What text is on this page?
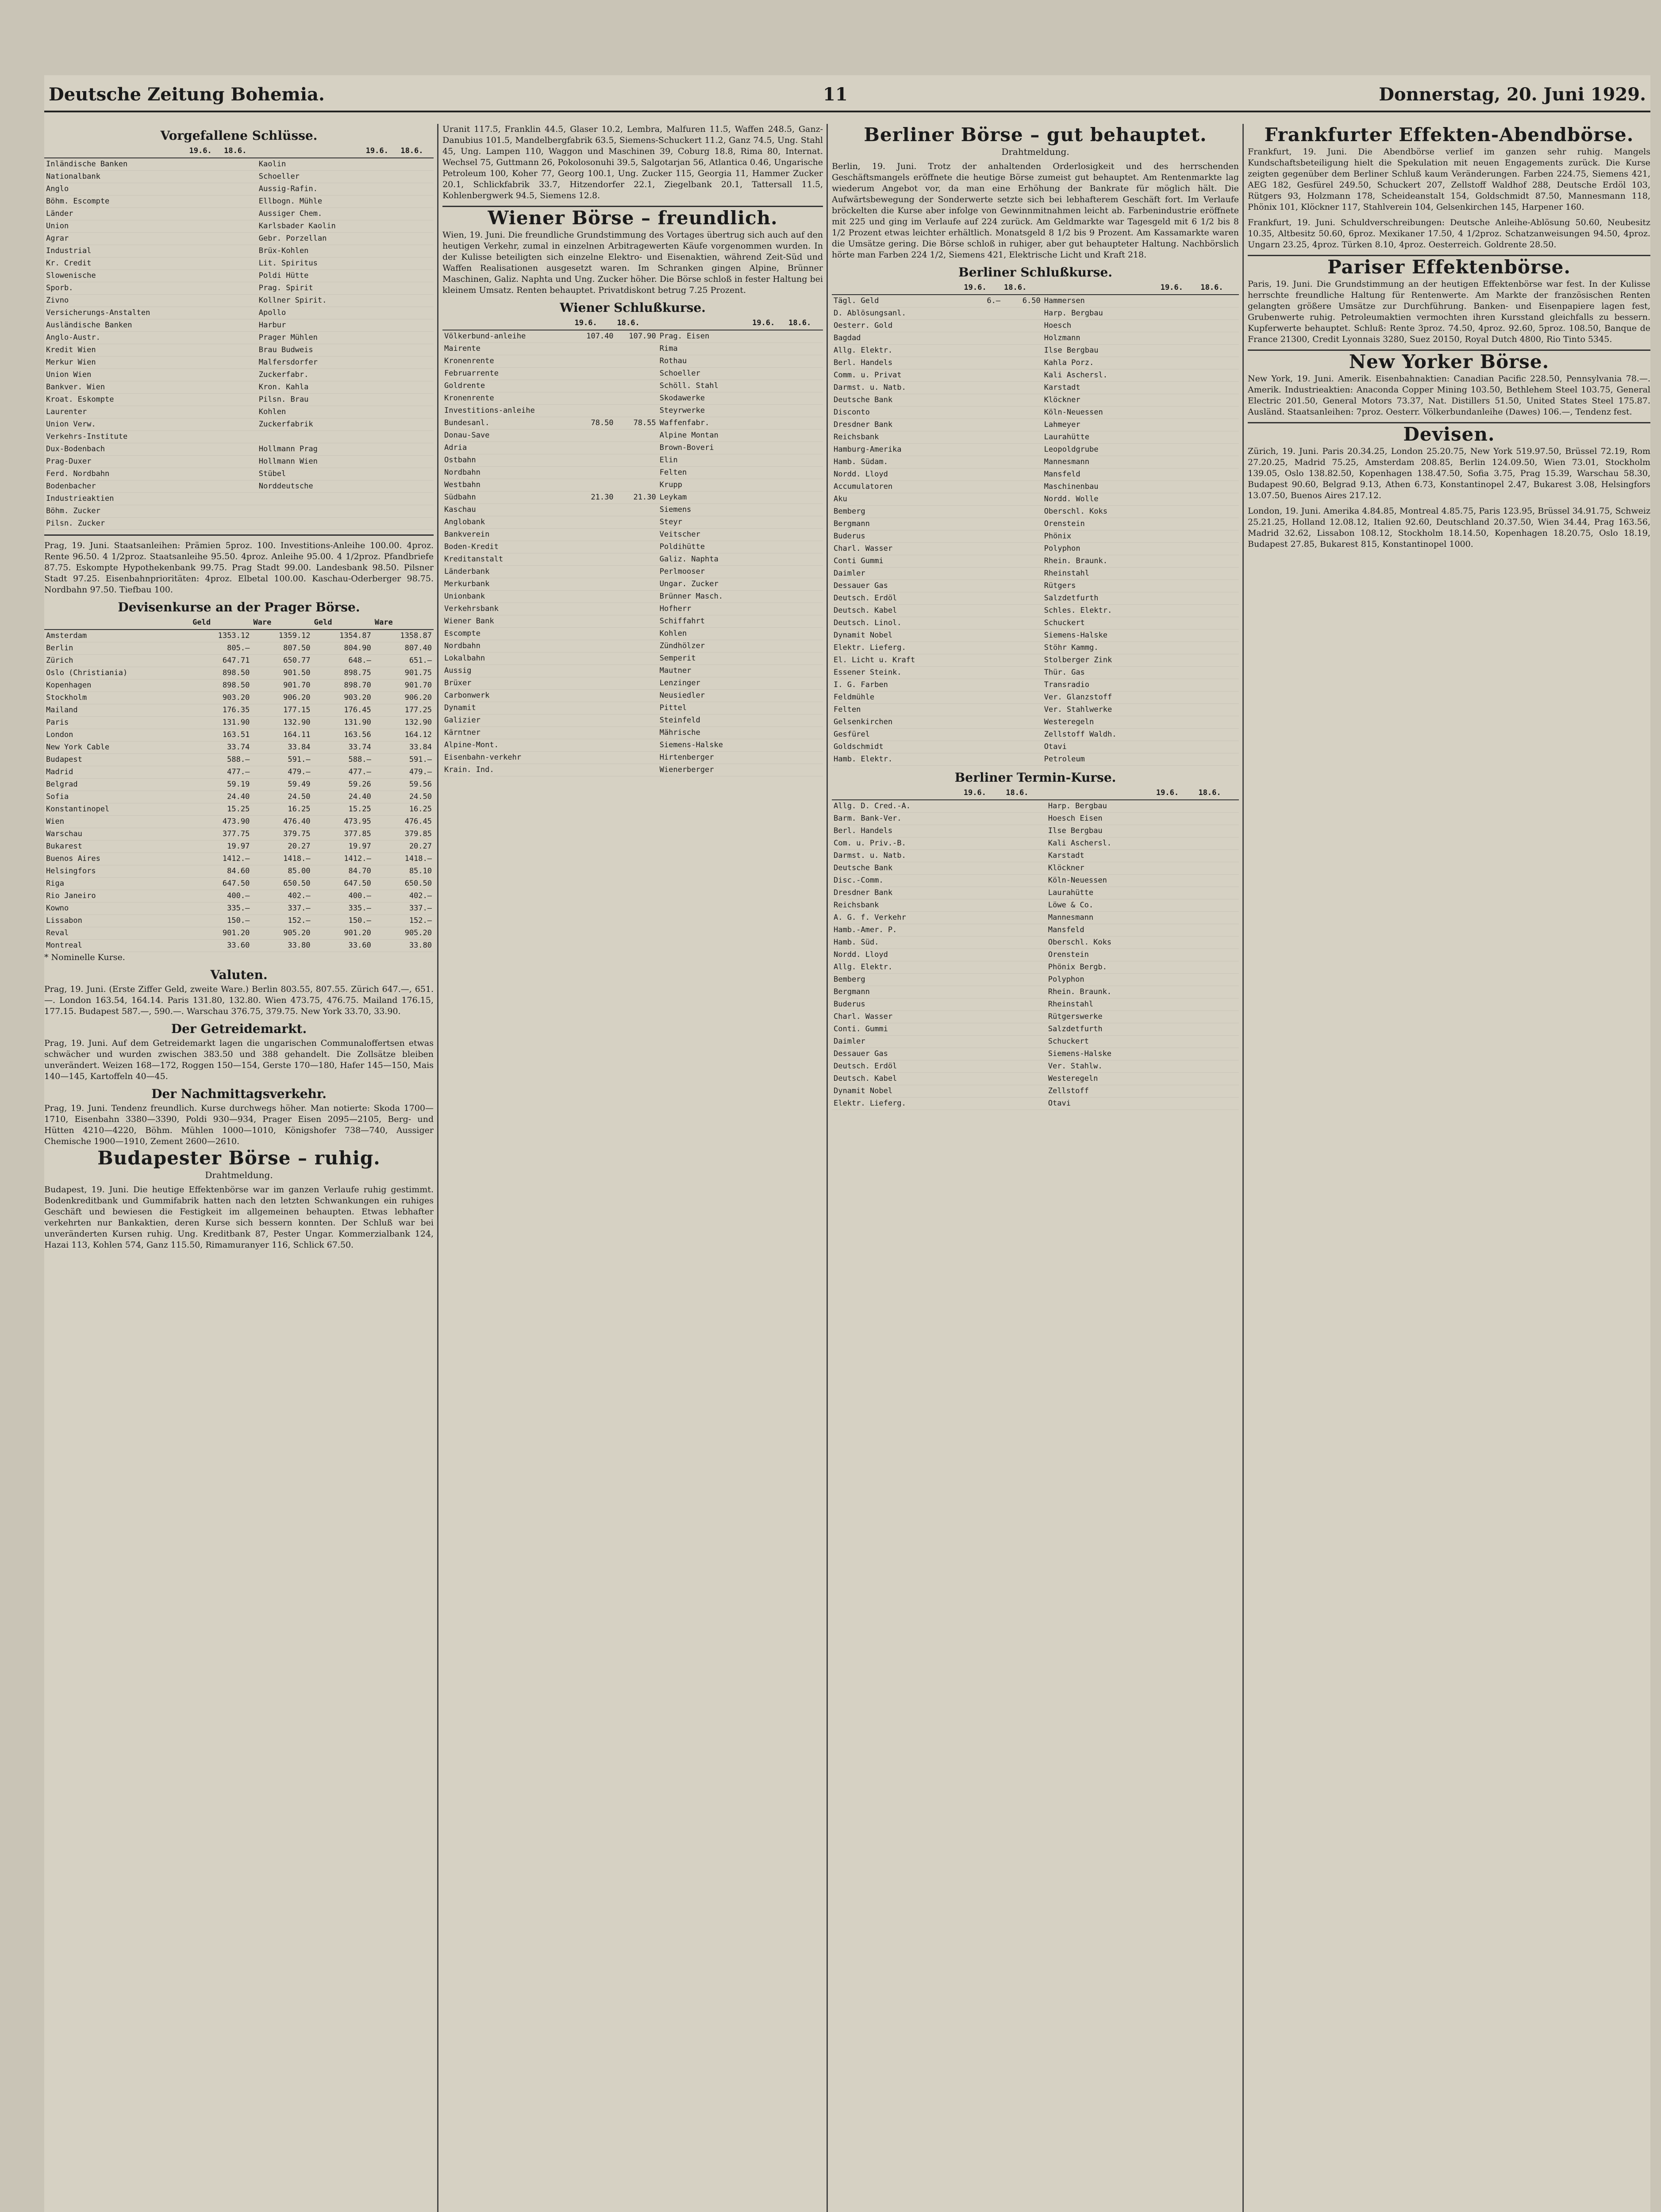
Deutsche Zeitung Bohemia.	11	Donnerstag, 20. Juni 1929.
Vorgefallene Schlüsse.
	19.6.	18.6.		19.6.	18.6.
Inländische Banken			Kaolin		
Nationalbank			Schoeller		
Anglo			Aussig-Rafin.		
Böhm. Escompte			Ellbogn. Mühle		
Länder			Aussiger Chem.		
Union			Karlsbader Kaolin		
Agrar			Gebr. Porzellan		
Industrial			Brüx-Kohlen		
Kr. Credit			Lit. Spiritus		
Slowenische			Poldi Hütte		
Sporb.			Prag. Spirit		
Zivno			Kollner Spirit.		
Versicherungs-Anstalten			Apollo		
Ausländische Banken			Harbur		
Anglo-Austr.			Prager Mühlen		
Kredit Wien			Brau Budweis		
Merkur Wien			Malfersdorfer		
Union Wien			Zuckerfabr.		
Bankver. Wien			Kron. Kahla		
Kroat. Eskompte			Pilsn. Brau		
Laurenter			Kohlen		
Union Verw.			Zuckerfabrik		
Verkehrs-Institute					
Dux-Bodenbach			Hollmann Prag		
Prag-Duxer			Hollmann Wien		
Ferd. Nordbahn			Stübel		
Bodenbacher			Norddeutsche		
Industrieaktien					
Böhm. Zucker					
Pilsn. Zucker					

Prag, 19. Juni. Staatsanleihen: Prämien 5proz. 100. Investitions-Anleihe 100.00. 4proz. Rente 96.50. 4 1/2proz. Staatsanleihe 95.50. 4proz. Anleihe 95.00. 4 1/2proz. Pfandbriefe 87.75. Eskompte Hypothekenbank 99.75. Prag Stadt 99.00. Landesbank 98.50. Pilsner Stadt 97.25. Eisenbahnprioritäten: 4proz. Elbetal 100.00. Kaschau-Oderberger 98.75. Nordbahn 97.50. Tiefbau 100.

Devisenkurse an der Prager Börse.
	Geld	Ware	Geld	Ware
Amsterdam	1353.12	1359.12	1354.87	1358.87
Berlin	805.—	807.50	804.90	807.40
Zürich	647.71	650.77	648.—	651.—
Oslo (Christiania)	898.50	901.50	898.75	901.75
Kopenhagen	898.50	901.70	898.70	901.70
Stockholm	903.20	906.20	903.20	906.20
Mailand	176.35	177.15	176.45	177.25
Paris	131.90	132.90	131.90	132.90
London	163.51	164.11	163.56	164.12
New York Cable	33.74	33.84	33.74	33.84
Budapest	588.—	591.—	588.—	591.—
Madrid	477.—	479.—	477.—	479.—
Belgrad	59.19	59.49	59.26	59.56
Sofia	24.40	24.50	24.40	24.50
Konstantinopel	15.25	16.25	15.25	16.25
Wien	473.90	476.40	473.95	476.45
Warschau	377.75	379.75	377.85	379.85
Bukarest	19.97	20.27	19.97	20.27
Buenos Aires	1412.—	1418.—	1412.—	1418.—
Helsingfors	84.60	85.00	84.70	85.10
Riga	647.50	650.50	647.50	650.50
Rio Janeiro	400.—	402.—	400.—	402.—
Kowno	335.—	337.—	335.—	337.—
Lissabon	150.—	152.—	150.—	152.—
Reval	901.20	905.20	901.20	905.20
Montreal	33.60	33.80	33.60	33.80

* Nominelle Kurse.

Valuten.

Prag, 19. Juni. (Erste Ziffer Geld, zweite Ware.) Berlin 803.55, 807.55. Zürich 647.—, 651.—. London 163.54, 164.14. Paris 131.80, 132.80. Wien 473.75, 476.75. Mailand 176.15, 177.15. Budapest 587.—, 590.—. Warschau 376.75, 379.75. New York 33.70, 33.90.

Der Getreidemarkt.

Prag, 19. Juni. Auf dem Getreidemarkt lagen die ungarischen Communaloffertsen etwas schwächer und wurden zwischen 383.50 und 388 gehandelt. Die Zollsätze bleiben unverändert. Weizen 168—172, Roggen 150—154, Gerste 170—180, Hafer 145—150, Mais 140—145, Kartoffeln 40—45.

Der Nachmittagsverkehr.

Prag, 19. Juni. Tendenz freundlich. Kurse durchwegs höher. Man notierte: Skoda 1700—1710, Eisenbahn 3380—3390, Poldi 930—934, Prager Eisen 2095—2105, Berg- und Hütten 4210—4220, Böhm. Mühlen 1000—1010, Königshofer 738—740, Aussiger Chemische 1900—1910, Zement 2600—2610.

Budapester Börse – ruhig.

Drahtmeldung.

Budapest, 19. Juni. Die heutige Effektenbörse war im ganzen Verlaufe ruhig gestimmt. Bodenkreditbank und Gummifabrik hatten nach den letzten Schwankungen ein ruhiges Geschäft und bewiesen die Festigkeit im allgemeinen behaupten. Etwas lebhafter verkehrten nur Bankaktien, deren Kurse sich bessern konnten. Der Schluß war bei unveränderten Kursen ruhig. Ung. Kreditbank 87, Pester Ungar. Kommerzialbank 124, Hazai 113, Kohlen 574, Ganz 115.50, Rimamuranyer 116, Schlick 67.50.

Uranit 117.5, Franklin 44.5, Glaser 10.2, Lembra, Malfuren 11.5, Waffen 248.5, Ganz-Danubius 101.5, Mandelbergfabrik 63.5, Siemens-Schuckert 11.2, Ganz 74.5, Ung. Stahl 45, Ung. Lampen 110, Waggon und Maschinen 39, Coburg 18.8, Rima 80, Internat. Wechsel 75, Guttmann 26, Pokolosonuhi 39.5, Salgotarjan 56, Atlantica 0.46, Ungarische Petroleum 100, Koher 77, Georg 100.1, Ung. Zucker 115, Georgia 11, Hammer Zucker 20.1, Schlickfabrik 33.7, Hitzendorfer 22.1, Ziegelbank 20.1, Tattersall 11.5, Kohlenbergwerk 94.5, Siemens 12.8.

Wiener Börse – freundlich.

Wien, 19. Juni. Die freundliche Grundstimmung des Vortages übertrug sich auch auf den heutigen Verkehr, zumal in einzelnen Arbitragewerten Käufe vorgenommen wurden. In der Kulisse beteiligten sich einzelne Elektro- und Eisenaktien, während Zeit-Süd und Waffen Realisationen ausgesetzt waren. Im Schranken gingen Alpine, Brünner Maschinen, Galiz. Naphta und Ung. Zucker höher. Die Börse schloß in fester Haltung bei kleinem Umsatz. Renten behauptet. Privatdiskont betrug 7.25 Prozent.

Wiener Schlußkurse.
	19.6.	18.6.		19.6.	18.6.
Völkerbund-anleihe	107.40	107.90	Prag. Eisen		
Mairente			Rima		
Kronenrente			Rothau		
Februarrente			Schoeller		
Goldrente			Schöll. Stahl		
Kronenrente			Skodawerke		
Investitions-anleihe			Steyrwerke		
Bundesanl.	78.50	78.55	Waffenfabr.		
Donau-Save			Alpine Montan		
Adria			Brown-Boveri		
Ostbahn			Elin		
Nordbahn			Felten		
Westbahn			Krupp		
Südbahn	21.30	21.30	Leykam		
Kaschau			Siemens		
Anglobank			Steyr		
Bankverein			Veitscher		
Boden-Kredit			Poldihütte		
Kreditanstalt			Galiz. Naphta		
Länderbank			Perlmooser		
Merkurbank			Ungar. Zucker		
Unionbank			Brünner Masch.		
Verkehrsbank			Hofherr		
Wiener Bank			Schiffahrt		
Escompte			Kohlen		
Nordbahn			Zündhölzer		
Lokalbahn			Semperit		
Aussig			Mautner		
Brüxer			Lenzinger		
Carbonwerk			Neusiedler		
Dynamit			Pittel		
Galizier			Steinfeld		
Kärntner			Mährische		
Alpine-Mont.			Siemens-Halske		
Eisenbahn-verkehr			Hirtenberger		
Krain. Ind.			Wienerberger		
Berliner Börse – gut behauptet.

Drahtmeldung.

Berlin, 19. Juni. Trotz der anhaltenden Orderlosigkeit und des herrschenden Geschäftsmangels eröffnete die heutige Börse zumeist gut behauptet. Am Rentenmarkte lag wiederum Angebot vor, da man eine Erhöhung der Bankrate für möglich hält. Die Aufwärtsbewegung der Sonderwerte setzte sich bei lebhafterem Geschäft fort. Im Verlaufe bröckelten die Kurse aber infolge von Gewinnmitnahmen leicht ab. Farbenindustrie eröffnete mit 225 und ging im Verlaufe auf 224 zurück. Am Geldmarkte war Tagesgeld mit 6 1/2 bis 8 1/2 Prozent etwas leichter erhältlich. Monatsgeld 8 1/2 bis 9 Prozent. Am Kassamarkte waren die Umsätze gering. Die Börse schloß in ruhiger, aber gut behaupteter Haltung. Nachbörslich hörte man Farben 224 1/2, Siemens 421, Elektrische Licht und Kraft 218.

Berliner Schlußkurse.
	19.6.	18.6.		19.6.	18.6.
Tägl. Geld	6.—	6.50	Hammersen		
D. Ablösungsanl.			Harp. Bergbau		
Oesterr. Gold			Hoesch		
Bagdad			Holzmann		
Allg. Elektr.			Ilse Bergbau		
Berl. Handels			Kahla Porz.		
Comm. u. Privat			Kali Aschersl.		
Darmst. u. Natb.			Karstadt		
Deutsche Bank			Klöckner		
Disconto			Köln-Neuessen		
Dresdner Bank			Lahmeyer		
Reichsbank			Laurahütte		
Hamburg-Amerika			Leopoldgrube		
Hamb. Südam.			Mannesmann		
Nordd. Lloyd			Mansfeld		
Accumulatoren			Maschinenbau		
Aku			Nordd. Wolle		
Bemberg			Oberschl. Koks		
Bergmann			Orenstein		
Buderus			Phönix		
Charl. Wasser			Polyphon		
Conti Gummi			Rhein. Braunk.		
Daimler			Rheinstahl		
Dessauer Gas			Rütgers		
Deutsch. Erdöl			Salzdetfurth		
Deutsch. Kabel			Schles. Elektr.		
Deutsch. Linol.			Schuckert		
Dynamit Nobel			Siemens-Halske		
Elektr. Lieferg.			Stöhr Kammg.		
El. Licht u. Kraft			Stolberger Zink		
Essener Steink.			Thür. Gas		
I. G. Farben			Transradio		
Feldmühle			Ver. Glanzstoff		
Felten			Ver. Stahlwerke		
Gelsenkirchen			Westeregeln		
Gesfürel			Zellstoff Waldh.		
Goldschmidt			Otavi		
Hamb. Elektr.			Petroleum		
Berliner Termin-Kurse.
	19.6.	18.6.		19.6.	18.6.
Allg. D. Cred.-A.			Harp. Bergbau		
Barm. Bank-Ver.			Hoesch Eisen		
Berl. Handels			Ilse Bergbau		
Com. u. Priv.-B.			Kali Aschersl.		
Darmst. u. Natb.			Karstadt		
Deutsche Bank			Klöckner		
Disc.-Comm.			Köln-Neuessen		
Dresdner Bank			Laurahütte		
Reichsbank			Löwe & Co.		
A. G. f. Verkehr			Mannesmann		
Hamb.-Amer. P.			Mansfeld		
Hamb. Süd.			Oberschl. Koks		
Nordd. Lloyd			Orenstein		
Allg. Elektr.			Phönix Bergb.		
Bemberg			Polyphon		
Bergmann			Rhein. Braunk.		
Buderus			Rheinstahl		
Charl. Wasser			Rütgerswerke		
Conti. Gummi			Salzdetfurth		
Daimler			Schuckert		
Dessauer Gas			Siemens-Halske		
Deutsch. Erdöl			Ver. Stahlw.		
Deutsch. Kabel			Westeregeln		
Dynamit Nobel			Zellstoff		
Elektr. Lieferg.			Otavi		
Frankfurter Effekten-Abendbörse.

Frankfurt, 19. Juni. Die Abendbörse verlief im ganzen sehr ruhig. Mangels Kundschaftsbeteiligung hielt die Spekulation mit neuen Engagements zurück. Die Kurse zeigten gegenüber dem Berliner Schluß kaum Veränderungen. Farben 224.75, Siemens 421, AEG 182, Gesfürel 249.50, Schuckert 207, Zellstoff Waldhof 288, Deutsche Erdöl 103, Rütgers 93, Holzmann 178, Scheideanstalt 154, Goldschmidt 87.50, Mannesmann 118, Phönix 101, Klöckner 117, Stahlverein 104, Gelsenkirchen 145, Harpener 160.

Frankfurt, 19. Juni. Schuldverschreibungen: Deutsche Anleihe-Ablösung 50.60, Neubesitz 10.35, Altbesitz 50.60, 6proz. Mexikaner 17.50, 4 1/2proz. Schatzanweisungen 94.50, 4proz. Ungarn 23.25, 4proz. Türken 8.10, 4proz. Oesterreich. Goldrente 28.50.

Pariser Effektenbörse.

Paris, 19. Juni. Die Grundstimmung an der heutigen Effektenbörse war fest. In der Kulisse herrschte freundliche Haltung für Rentenwerte. Am Markte der französischen Renten gelangten größere Umsätze zur Durchführung. Banken- und Eisenpapiere lagen fest, Grubenwerte ruhig. Petroleumaktien vermochten ihren Kursstand gleichfalls zu bessern. Kupferwerte behauptet. Schluß: Rente 3proz. 74.50, 4proz. 92.60, 5proz. 108.50, Banque de France 21300, Credit Lyonnais 3280, Suez 20150, Royal Dutch 4800, Rio Tinto 5345.

New Yorker Börse.

New York, 19. Juni. Amerik. Eisenbahnaktien: Canadian Pacific 228.50, Pennsylvania 78.—. Amerik. Industrieaktien: Anaconda Copper Mining 103.50, Bethlehem Steel 103.75, General Electric 201.50, General Motors 73.37, Nat. Distillers 51.50, United States Steel 175.87. Ausländ. Staatsanleihen: 7proz. Oesterr. Völkerbundanleihe (Dawes) 106.—, Tendenz fest.

Devisen.

Zürich, 19. Juni. Paris 20.34.25, London 25.20.75, New York 519.97.50, Brüssel 72.19, Rom 27.20.25, Madrid 75.25, Amsterdam 208.85, Berlin 124.09.50, Wien 73.01, Stockholm 139.05, Oslo 138.82.50, Kopenhagen 138.47.50, Sofia 3.75, Prag 15.39, Warschau 58.30, Budapest 90.60, Belgrad 9.13, Athen 6.73, Konstantinopel 2.47, Bukarest 3.08, Helsingfors 13.07.50, Buenos Aires 217.12.

London, 19. Juni. Amerika 4.84.85, Montreal 4.85.75, Paris 123.95, Brüssel 34.91.75, Schweiz 25.21.25, Holland 12.08.12, Italien 92.60, Deutschland 20.37.50, Wien 34.44, Prag 163.56, Madrid 32.62, Lissabon 108.12, Stockholm 18.14.50, Kopenhagen 18.20.75, Oslo 18.19, Budapest 27.85, Bukarest 815, Konstantinopel 1000.
